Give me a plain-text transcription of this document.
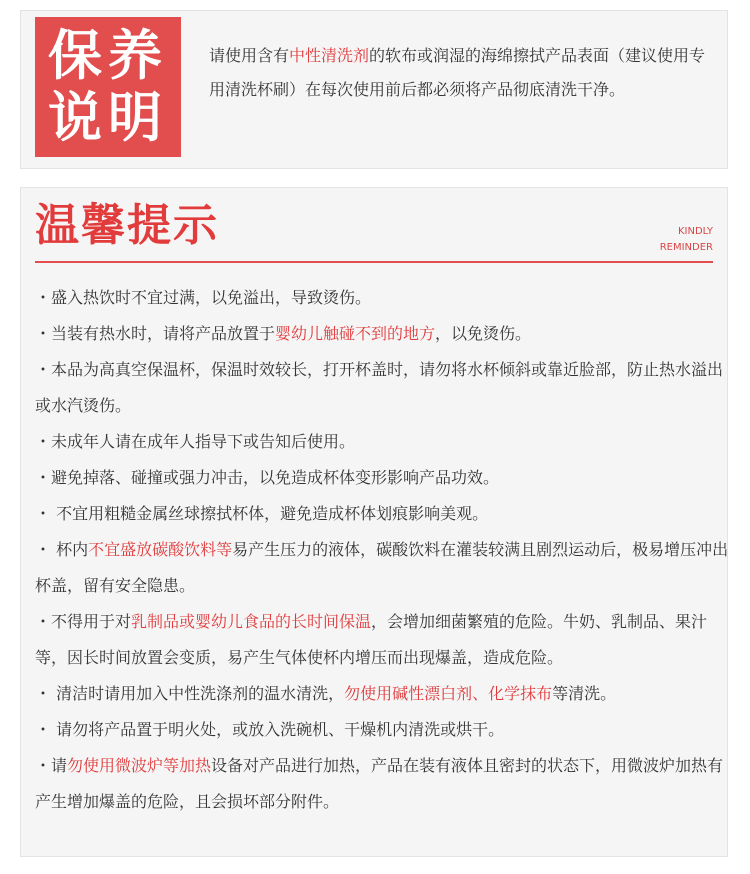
保养
说明

请使用含有中性清洗剂的软布或润湿的海绵擦拭产品表面（建议使用专用清洗杯刷）在每次使用前后都必须将产品彻底清洗干净。

温馨提示	KINDLY
REMINDER
・盛入热饮时不宜过满，以免溢出，导致烫伤。
・当装有热水时，请将产品放置于婴幼儿触碰不到的地方，以免烫伤。
・本品为高真空保温杯，保温时效较长，打开杯盖时，请勿将水杯倾斜或靠近脸部，防止热水溢出或水汽烫伤。
・未成年人请在成年人指导下或告知后使用。
・避免掉落、碰撞或强力冲击，以免造成杯体变形影响产品功效。
・ 不宜用粗糙金属丝球擦拭杯体，避免造成杯体划痕影响美观。
・ 杯内不宜盛放碳酸饮料等易产生压力的液体，碳酸饮料在灌装较满且剧烈运动后，极易增压冲出杯盖，留有安全隐患。
・不得用于对乳制品或婴幼儿食品的长时间保温，会增加细菌繁殖的危险。牛奶、乳制品、果汁等，因长时间放置会变质，易产生气体使杯内增压而出现爆盖，造成危险。
・ 清洁时请用加入中性洗涤剂的温水清洗，勿使用碱性漂白剂、化学抹布等清洗。
・ 请勿将产品置于明火处，或放入洗碗机、干燥机内清洗或烘干。
・请勿使用微波炉等加热设备对产品进行加热，产品在装有液体且密封的状态下，用微波炉加热有产生增加爆盖的危险，且会损坏部分附件。
